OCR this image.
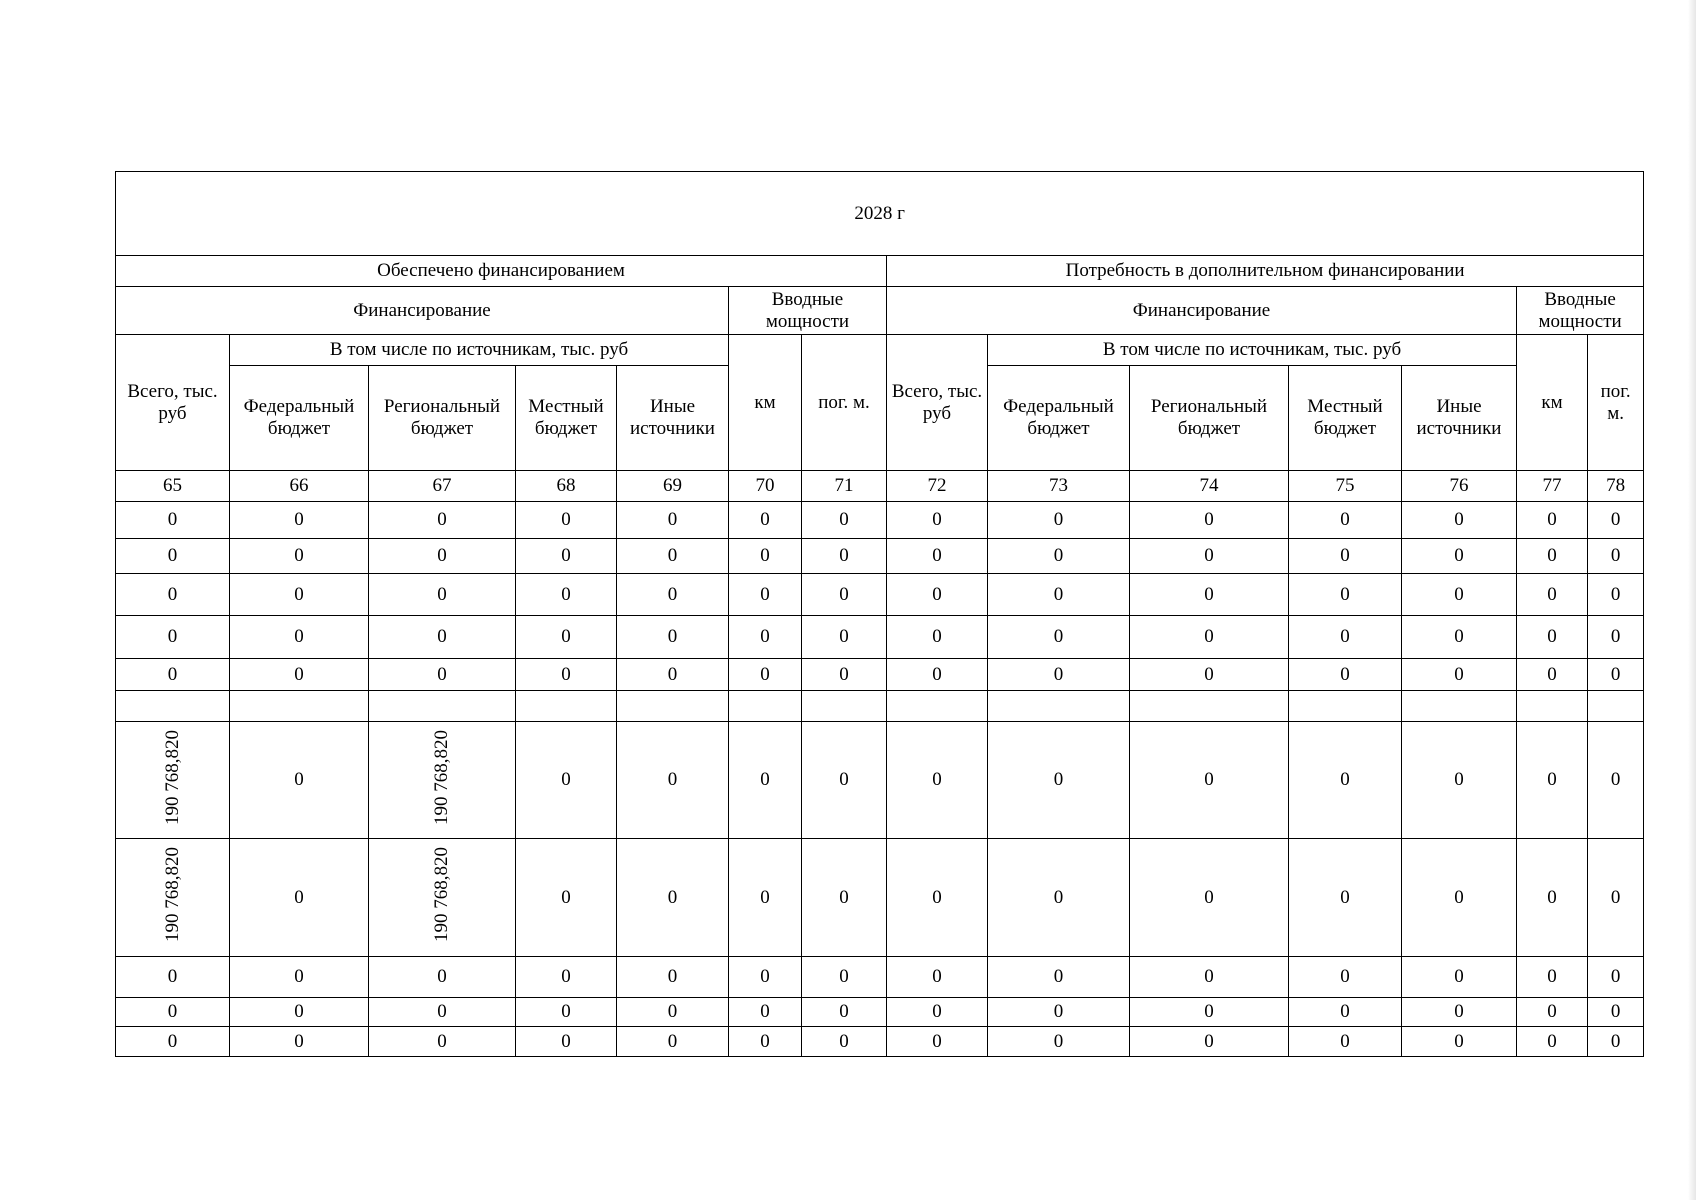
2028 г													
Обеспечено финансированием							Потребность в дополнительном финансировании						
Финансирование					Вводные мощности		Финансирование					Вводные мощности	
Всего, тыс. руб	В том числе по источникам, тыс. руб				км	пог. м.	Всего, тыс. руб	В том числе по источникам, тыс. руб				км	пог. м.
	Федеральный бюджет	Региональный бюджет	Местный бюджет	Иные источники				Федеральный бюджет	Региональный бюджет	Местный бюджет	Иные источники		
65	66	67	68	69	70	71	72	73	74	75	76	77	78
0	0	0	0	0	0	0	0	0	0	0	0	0	0
0	0	0	0	0	0	0	0	0	0	0	0	0	0
0	0	0	0	0	0	0	0	0	0	0	0	0	0
0	0	0	0	0	0	0	0	0	0	0	0	0	0
0	0	0	0	0	0	0	0	0	0	0	0	0	0

190 768,820	0	190 768,820	0	0	0	0	0	0	0	0	0	0	0
190 768,820	0	190 768,820	0	0	0	0	0	0	0	0	0	0	0
0	0	0	0	0	0	0	0	0	0	0	0	0	0
0	0	0	0	0	0	0	0	0	0	0	0	0	0
0	0	0	0	0	0	0	0	0	0	0	0	0	0
